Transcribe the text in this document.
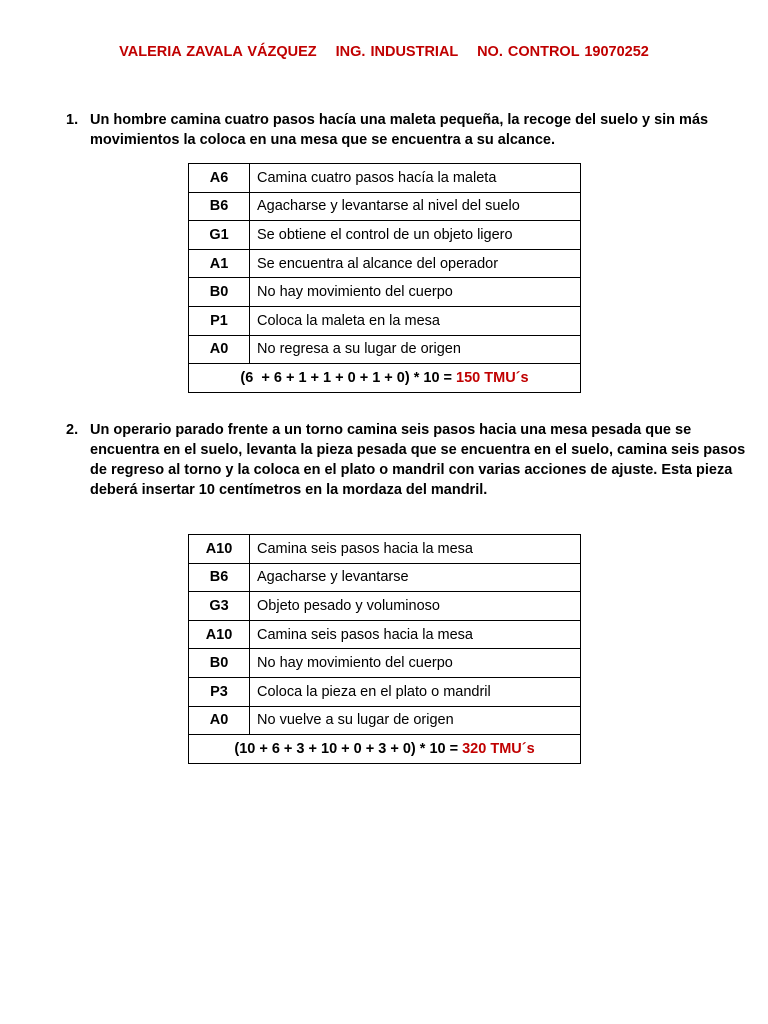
VALERIA ZAVALA VÁZQUEZ ING. INDUSTRIAL NO. CONTROL 19070252
1. Un hombre camina cuatro pasos hacía una maleta pequeña, la recoge del suelo y sin más movimientos la coloca en una mesa que se encuentra a su alcance.
A6	Camina cuatro pasos hacía la maleta
B6	Agacharse y levantarse al nivel del suelo
G1	Se obtiene el control de un objeto ligero
A1	Se encuentra al alcance del operador
B0	No hay movimiento del cuerpo
P1	Coloca la maleta en la mesa
A0	No regresa a su lugar de origen
(6  + 6 + 1 + 1 + 0 + 1 + 0) * 10 = 150 TMU´s	
2. Un operario parado frente a un torno camina seis pasos hacia una mesa pesada que se encuentra en el suelo, levanta la pieza pesada que se encuentra en el suelo, camina seis pasos de regreso al torno y la coloca en el plato o mandril con varias acciones de ajuste. Esta pieza deberá insertar 10 centímetros en la mordaza del mandril.
A10	Camina seis pasos hacia la mesa
B6	Agacharse y levantarse
G3	Objeto pesado y voluminoso
A10	Camina seis pasos hacia la mesa
B0	No hay movimiento del cuerpo
P3	Coloca la pieza en el plato o mandril
A0	No vuelve a su lugar de origen
(10 + 6 + 3 + 10 + 0 + 3 + 0) * 10 = 320 TMU´s	
